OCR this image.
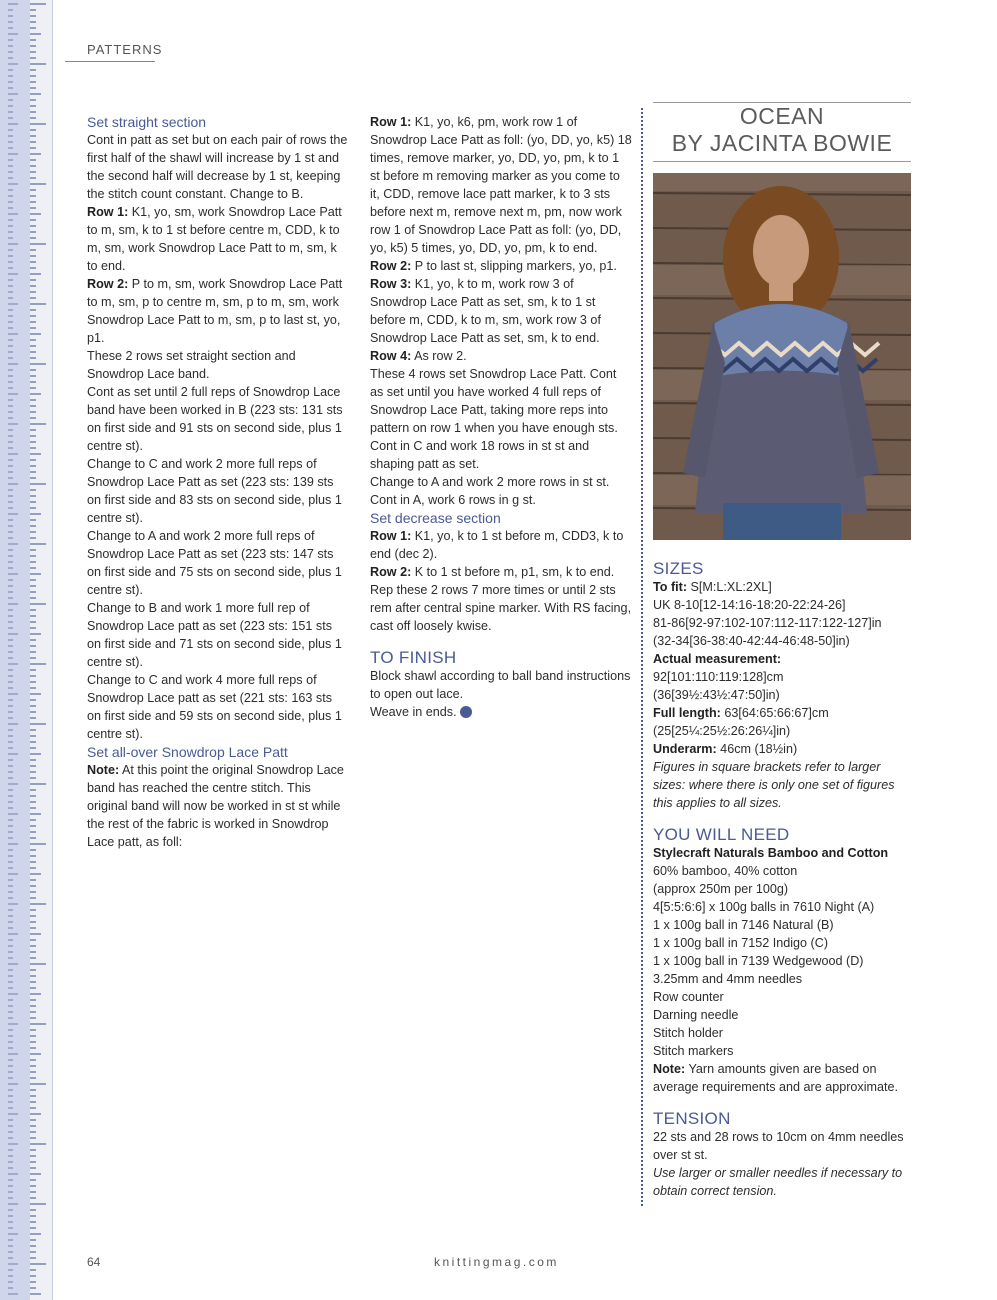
PATTERNS

Set straight section

Cont in patt as set but on each pair of rows the first half of the shawl will increase by 1 st and the second half will decrease by 1 st, keeping the stitch count constant. Change to B.

Row 1: K1, yo, sm, work Snowdrop Lace Patt to m, sm, k to 1 st before centre m, CDD, k to m, sm, work Snowdrop Lace Patt to m, sm, k to end.

Row 2: P to m, sm, work Snowdrop Lace Patt to m, sm, p to centre m, sm, p to m, sm, work Snowdrop Lace Patt to m, sm, p to last st, yo, p1.

These 2 rows set straight section and Snowdrop Lace band.

Cont as set until 2 full reps of Snowdrop Lace band have been worked in B (223 sts: 131 sts on first side and 91 sts on second side, plus 1 centre st).

Change to C and work 2 more full reps of Snowdrop Lace Patt as set (223 sts: 139 sts on first side and 83 sts on second side, plus 1 centre st).

Change to A and work 2 more full reps of Snowdrop Lace Patt as set (223 sts: 147 sts on first side and 75 sts on second side, plus 1 centre st).

Change to B and work 1 more full rep of Snowdrop Lace patt as set (223 sts: 151 sts on first side and 71 sts on second side, plus 1 centre st).

Change to C and work 4 more full reps of Snowdrop Lace patt as set (221 sts: 163 sts on first side and 59 sts on second side, plus 1 centre st).

Set all-over Snowdrop Lace Patt

Note: At this point the original Snowdrop Lace band has reached the centre stitch. This original band will now be worked in st st while the rest of the fabric is worked in Snowdrop Lace patt, as foll:

Row 1: K1, yo, k6, pm, work row 1 of Snowdrop Lace Patt as foll: (yo, DD, yo, k5) 18 times, remove marker, yo, DD, yo, pm, k to 1 st before m removing marker as you come to it, CDD, remove lace patt marker, k to 3 sts before next m, remove next m, pm, now work row 1 of Snowdrop Lace Patt as foll: (yo, DD, yo, k5) 5 times, yo, DD, yo, pm, k to end.

Row 2: P to last st, slipping markers, yo, p1.

Row 3: K1, yo, k to m, work row 3 of Snowdrop Lace Patt as set, sm, k to 1 st before m, CDD, k to m, sm, work row 3 of Snowdrop Lace Patt as set, sm, k to end.

Row 4: As row 2.

These 4 rows set Snowdrop Lace Patt. Cont as set until you have worked 4 full reps of Snowdrop Lace Patt, taking more reps into pattern on row 1 when you have enough sts.

Cont in C and work 18 rows in st st and shaping patt as set.

Change to A and work 2 more rows in st st. Cont in A, work 6 rows in g st.

Set decrease section

Row 1: K1, yo, k to 1 st before m, CDD3, k to end (dec 2).

Row 2: K to 1 st before m, p1, sm, k to end. Rep these 2 rows 7 more times or until 2 sts rem after central spine marker. With RS facing, cast off loosely kwise.

TO FINISH

Block shawl according to ball band instructions to open out lace.

Weave in ends.

OCEAN
BY JACINTA BOWIE

SIZES

To fit: S[M:L:XL:2XL]

UK 8-10[12-14:16-18:20-22:24-26]

81-86[92-97:102-107:112-117:122-127]in

(32-34[36-38:40-42:44-46:48-50]in)

Actual measurement: 92[101:110:119:128]cm (36[39½:43½:47:50]in)

Full length: 63[64:65:66:67]cm (25[25¼:25½:26:26¼]in)

Underarm: 46cm (18½in)

Figures in square brackets refer to larger sizes: where there is only one set of figures this applies to all sizes.

YOU WILL NEED

Stylecraft Naturals Bamboo and Cotton

60% bamboo, 40% cotton

(approx 250m per 100g)

4[5:5:6:6] x 100g balls in 7610 Night (A)

1 x 100g ball in 7146 Natural (B)

1 x 100g ball in 7152 Indigo (C)

1 x 100g ball in 7139 Wedgewood (D)

3.25mm and 4mm needles

Row counter

Darning needle

Stitch holder

Stitch markers

Note: Yarn amounts given are based on average requirements and are approximate.

TENSION

22 sts and 28 rows to 10cm on 4mm needles over st st.

Use larger or smaller needles if necessary to obtain correct tension.

64	knittingmag.com
